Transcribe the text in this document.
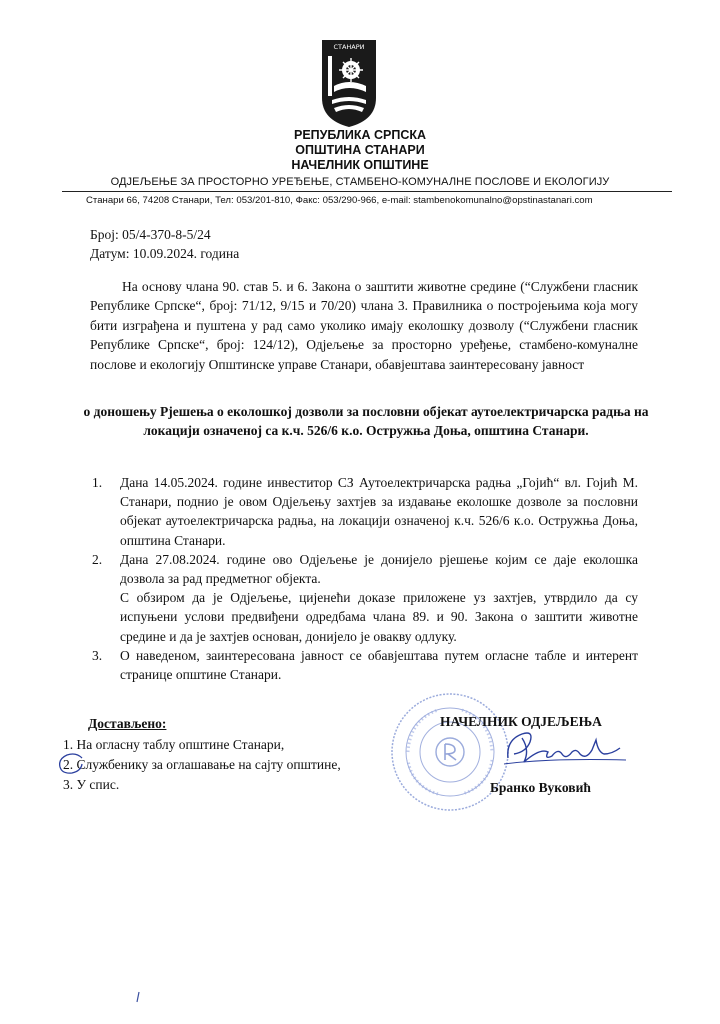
СТАНАРИ
РЕПУБЛИКА СРПСКА
ОПШТИНА СТАНАРИ
НАЧЕЛНИК ОПШТИНЕ
ОДЈЕЉЕЊЕ ЗА ПРОСТОРНО УРЕЂЕЊЕ, СТАМБЕНО-КОМУНАЛНЕ ПОСЛОВЕ И ЕКОЛОГИЈУ
Станари 66, 74208 Станари, Тел: 053/201-810, Факс: 053/290-966, e-mail: stambenokomunalno@opstinastanari.com
Број: 05/4-370-8-5/24
Датум: 10.09.2024. година

На основу члана 90. став 5. и 6. Закона о заштити животне средине (“Службени гласник Републике Српске“, број: 71/12, 9/15 и 70/20) члана 3. Правилника о постројењима која могу бити изграђена и пуштена у рад само уколико имају еколошку дозволу (“Службени гласник Републике Српске“, број: 124/12), Одјељење за просторно уређење, стамбено-комуналне послове и екологију Општинске управе Станари, обавјештава заинтересовану јавност

о доношењу Рјешења о еколошкој дозволи за пословни објекат аутоелектричарска радња на локацији означеној са к.ч. 526/6 к.о. Остружња Доња, општина Станари.

1. Дана 14.05.2024. године инвеститор СЗ Аутоелектричарска радња „Гојић“ вл. Гојић М. Станари, поднио је овом Одјељењу захтјев за издавање еколошке дозволе за пословни објекат аутоелектричарска радња, на локацији означеној к.ч. 526/6 к.о. Остружња Доња, општина Станари.
2. Дана 27.08.2024. године ово Одјељење је донијело рјешење којим се даје еколошка дозвола за рад предметног објекта.
С обзиром да је Одјељење, цијенећи доказе приложене уз захтјев, утврдило да су испуњени услови предвиђени одредбама члана 89. и 90. Закона о заштити животне средине и да је захтјев основан, донијело је овакву одлуку.
3. О наведеном, заинтересована јавност се обавјештава путем огласне табле и интерент странице општине Станари.
Достављено:
1. На огласну таблу општине Станари,
2. Службенику за оглашавање на сајту општине,
3. У спис.
НАЧЕЛНИК ОДЈЕЉЕЊА
Бранко Вуковић
